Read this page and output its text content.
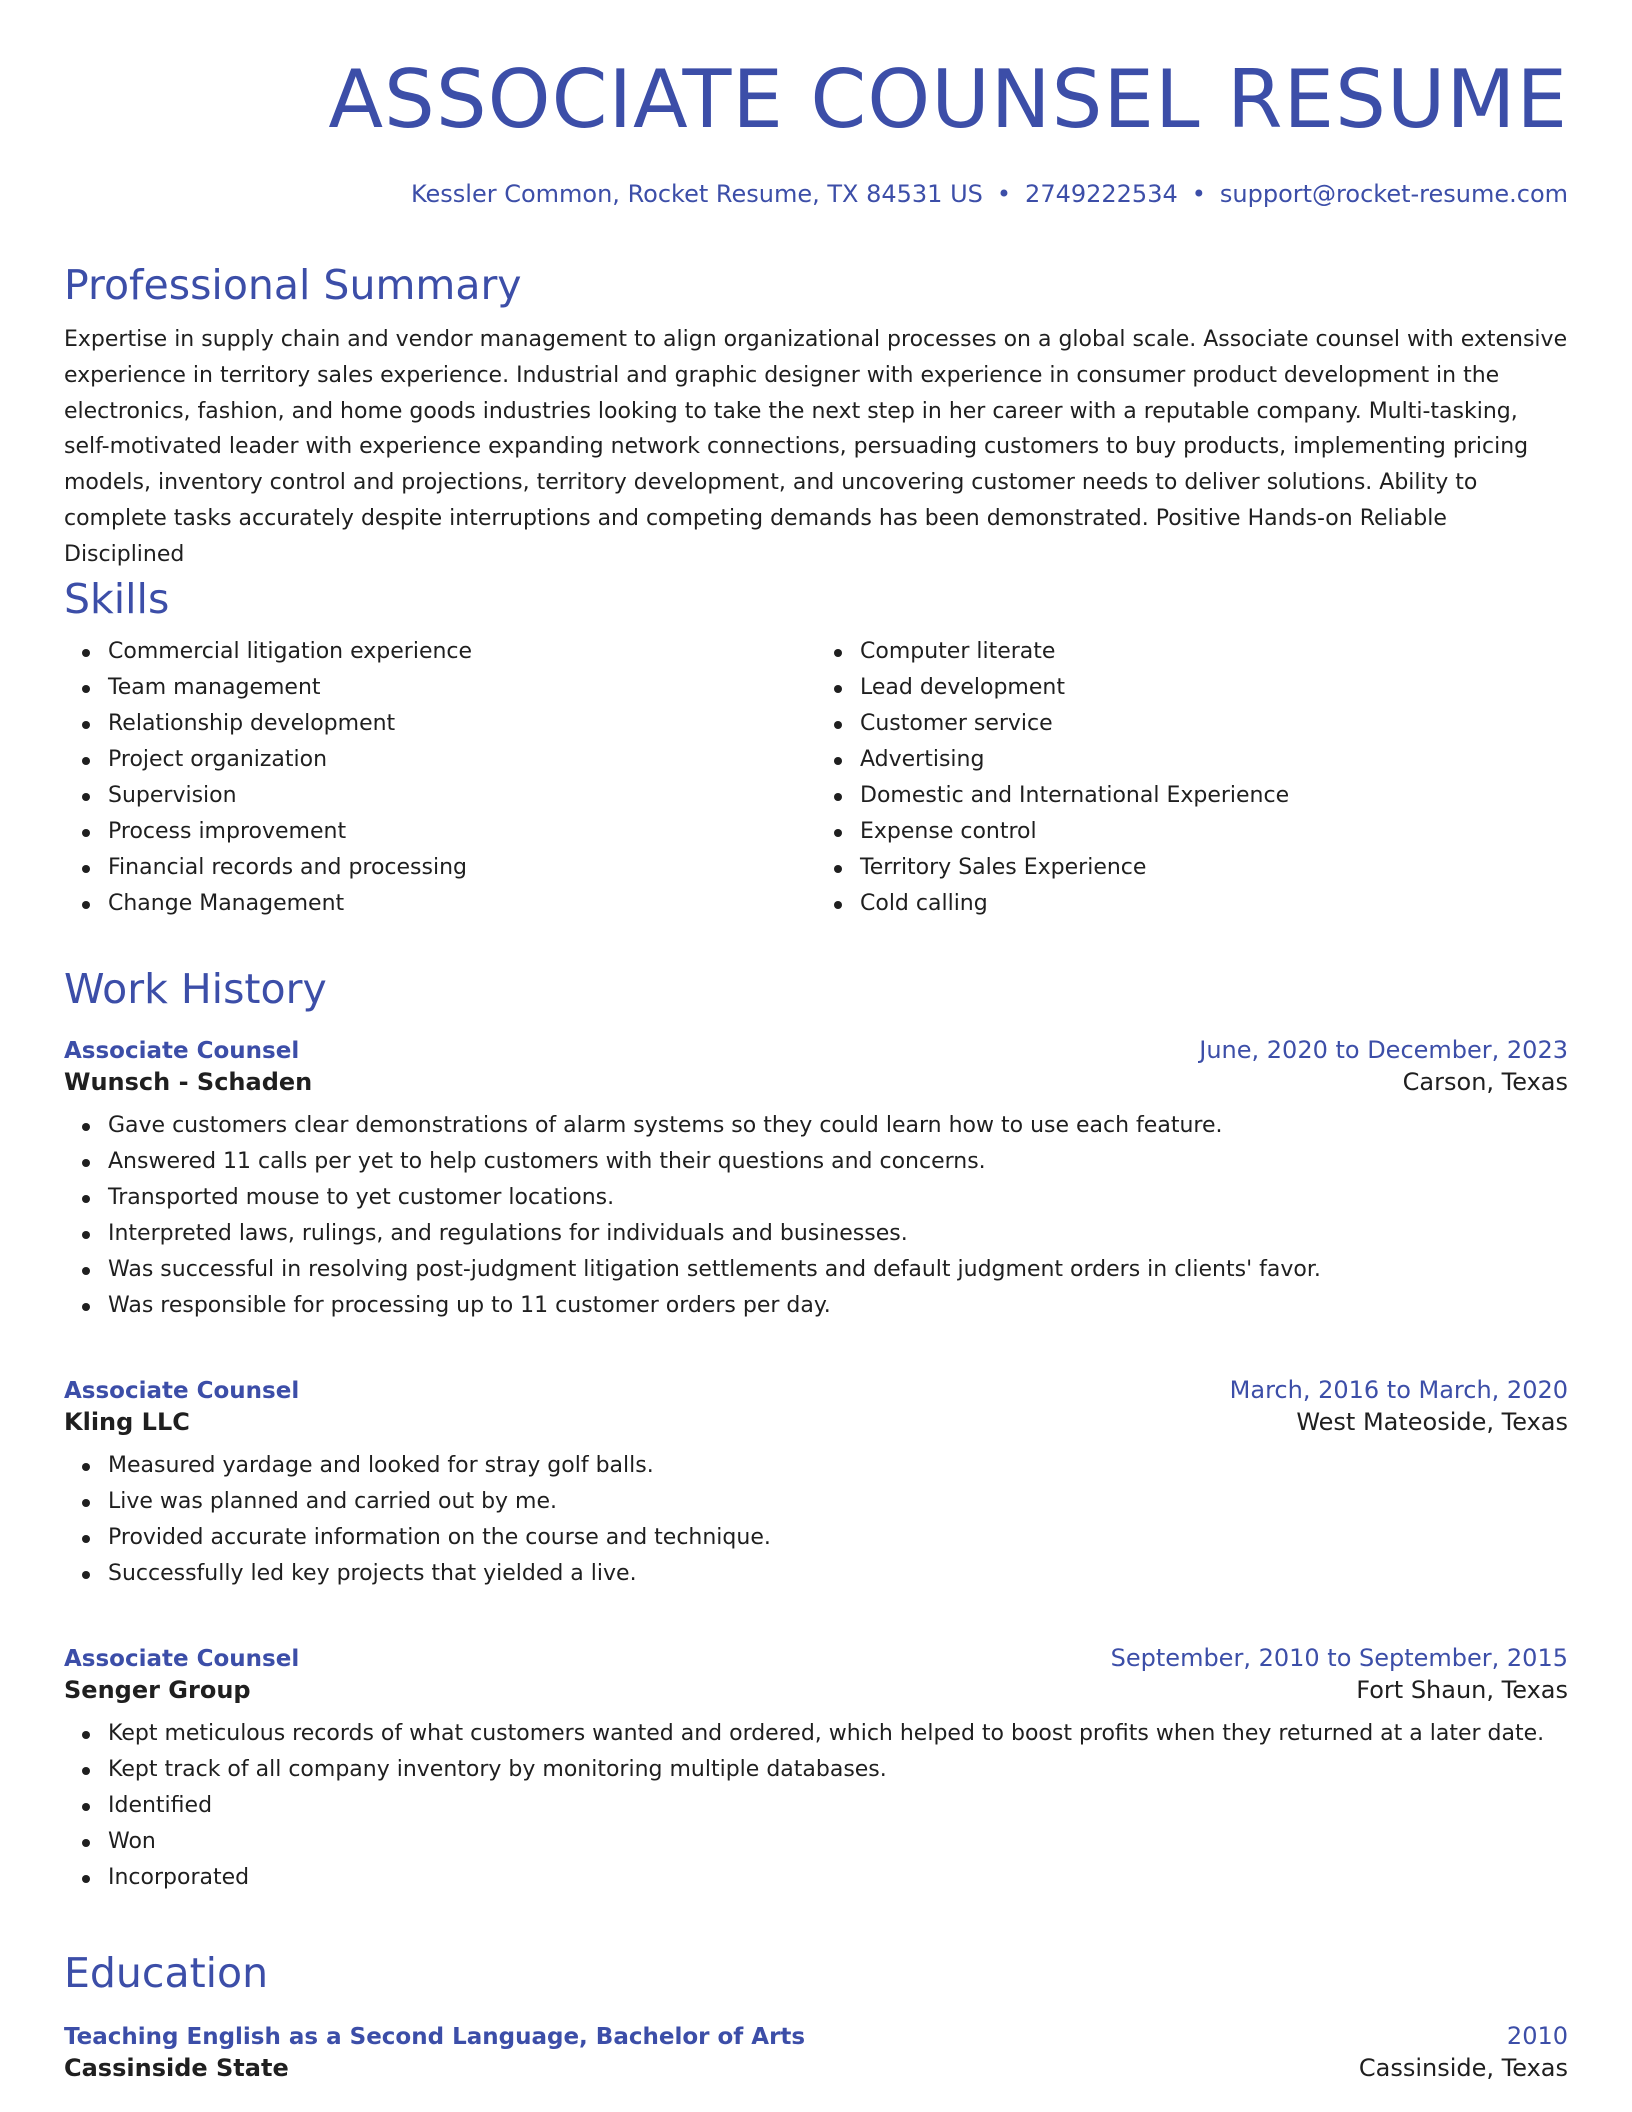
ASSOCIATE COUNSEL RESUME
Kessler Common, Rocket Resume, TX 84531 US • 2749222534 • support@rocket-resume.com
Professional Summary

Expertise in supply chain and vendor management to align organizational processes on a global scale. Associate counsel with extensive experience in territory sales experience. Industrial and graphic designer with experience in consumer product development in the electronics, fashion, and home goods industries looking to take the next step in her career with a reputable company. Multi-tasking, self-motivated leader with experience expanding network connections, persuading customers to buy products, implementing pricing models, inventory control and projections, territory development, and uncovering customer needs to deliver solutions. Ability to complete tasks accurately despite interruptions and competing demands has been demonstrated. Positive Hands-on Reliable Disciplined

Skills
Commercial litigation experience
Team management
Relationship development
Project organization
Supervision
Process improvement
Financial records and processing
Change Management
Computer literate
Lead development
Customer service
Advertising
Domestic and International Experience
Expense control
Territory Sales Experience
Cold calling
Work History
Associate Counsel	June, 2020 to December, 2023
Wunsch - Schaden	Carson, Texas
Gave customers clear demonstrations of alarm systems so they could learn how to use each feature.
Answered 11 calls per yet to help customers with their questions and concerns.
Transported mouse to yet customer locations.
Interpreted laws, rulings, and regulations for individuals and businesses.
Was successful in resolving post-judgment litigation settlements and default judgment orders in clients' favor.
Was responsible for processing up to 11 customer orders per day.
Associate Counsel	March, 2016 to March, 2020
Kling LLC	West Mateoside, Texas
Measured yardage and looked for stray golf balls.
Live was planned and carried out by me.
Provided accurate information on the course and technique.
Successfully led key projects that yielded a live.
Associate Counsel	September, 2010 to September, 2015
Senger Group	Fort Shaun, Texas
Kept meticulous records of what customers wanted and ordered, which helped to boost profits when they returned at a later date.
Kept track of all company inventory by monitoring multiple databases.
Identified
Won
Incorporated
Education
Teaching English as a Second Language, Bachelor of Arts	2010
Cassinside State	Cassinside, Texas
